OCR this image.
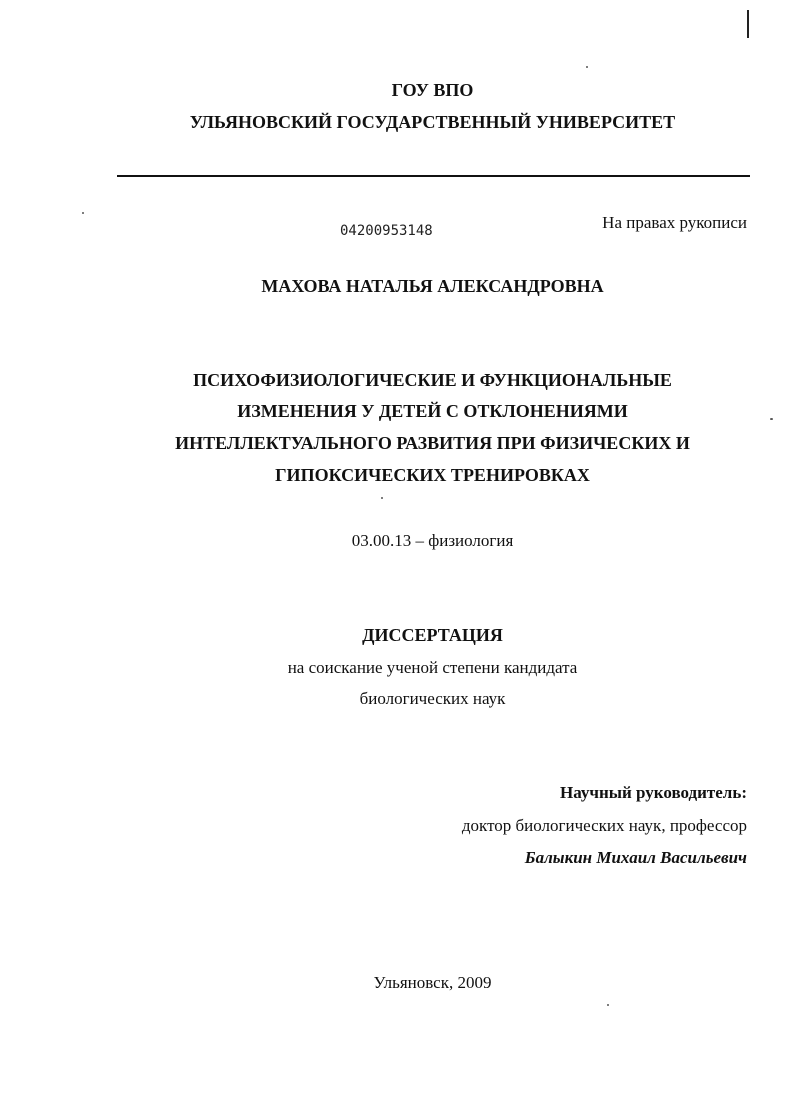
ГОУ ВПО
УЛЬЯНОВСКИЙ ГОСУДАРСТВЕННЫЙ УНИВЕРСИТЕТ
04200953148	На правах рукописи
МАХОВА НАТАЛЬЯ АЛЕКСАНДРОВНА
ПСИХОФИЗИОЛОГИЧЕСКИЕ И ФУНКЦИОНАЛЬНЫЕ
ИЗМЕНЕНИЯ У ДЕТЕЙ С ОТКЛОНЕНИЯМИ
ИНТЕЛЛЕКТУАЛЬНОГО РАЗВИТИЯ ПРИ ФИЗИЧЕСКИХ И
ГИПОКСИЧЕСКИХ ТРЕНИРОВКАХ
03.00.13 – физиология
ДИССЕРТАЦИЯ
на соискание ученой степени кандидата
биологических наук
Научный руководитель:
доктор биологических наук, профессор
Балыкин Михаил Васильевич
Ульяновск, 2009
